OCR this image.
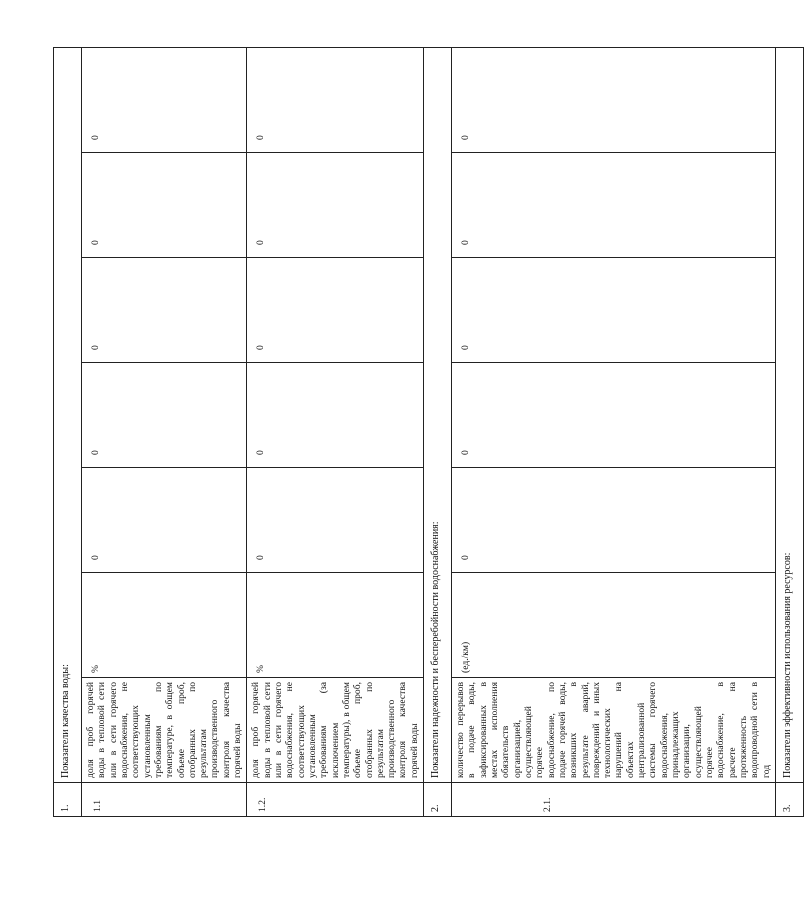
1.	Показатели качества воды:						
1.1	доля проб горячей воды в тепловой сети или в сети горячего водоснабжения, не соответствующих установленным требованиям по температуре, в общем объеме проб, отобранных по результатам производственного контроля качества горячей воды	%	0	0	0	0	0
1.2.	доля проб горячей воды в тепловой сети или в сети горячего водоснабжения, не соответствующих установленным требованиям (за исключением температуры), в общем объеме проб, отобранных по результатам производственного контроля качества горячей воды	%	0	0	0	0	0
2.	Показатели надежности и бесперебойности водоснабжения:						
2.1.	количество перерывов в подаче воды, зафиксированных в местах исполнения обязательств организацией, осуществляющей горячее водоснабжение, по подаче горячей воды, возникших в результате аварий, повреждений и иных технологических нарушений на объектах централизованной системы горячего водоснабжения, принадлежащих организации, осуществляющей горячее водоснабжение, в расчете на протяженность водопроводной сети в год	(ед./км)	0	0	0	0	0
3.	Показатели эффективности использования ресурсов:						
